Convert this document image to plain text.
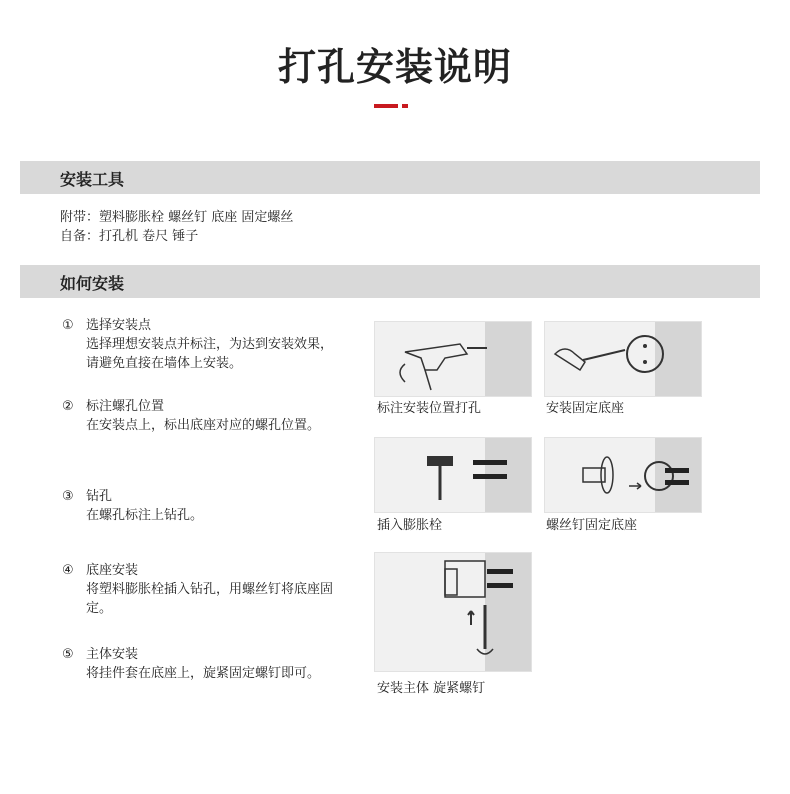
打孔安装说明
安装工具
附带：塑料膨胀栓 螺丝钉 底座 固定螺丝
自备：打孔机 卷尺 锤子
如何安装
① 选择安装点
选择理想安装点并标注，为达到安装效果，请避免直接在墙体上安装。
② 标注螺孔位置
在安装点上，标出底座对应的螺孔位置。
③ 钻孔
在螺孔标注上钻孔。
④ 底座安装
将塑料膨胀栓插入钻孔，用螺丝钉将底座固定。
⑤ 主体安装
将挂件套在底座上，旋紧固定螺钉即可。
标注安装位置打孔	安装固定底座
插入膨胀栓	螺丝钉固定底座
安装主体 旋紧螺钉
